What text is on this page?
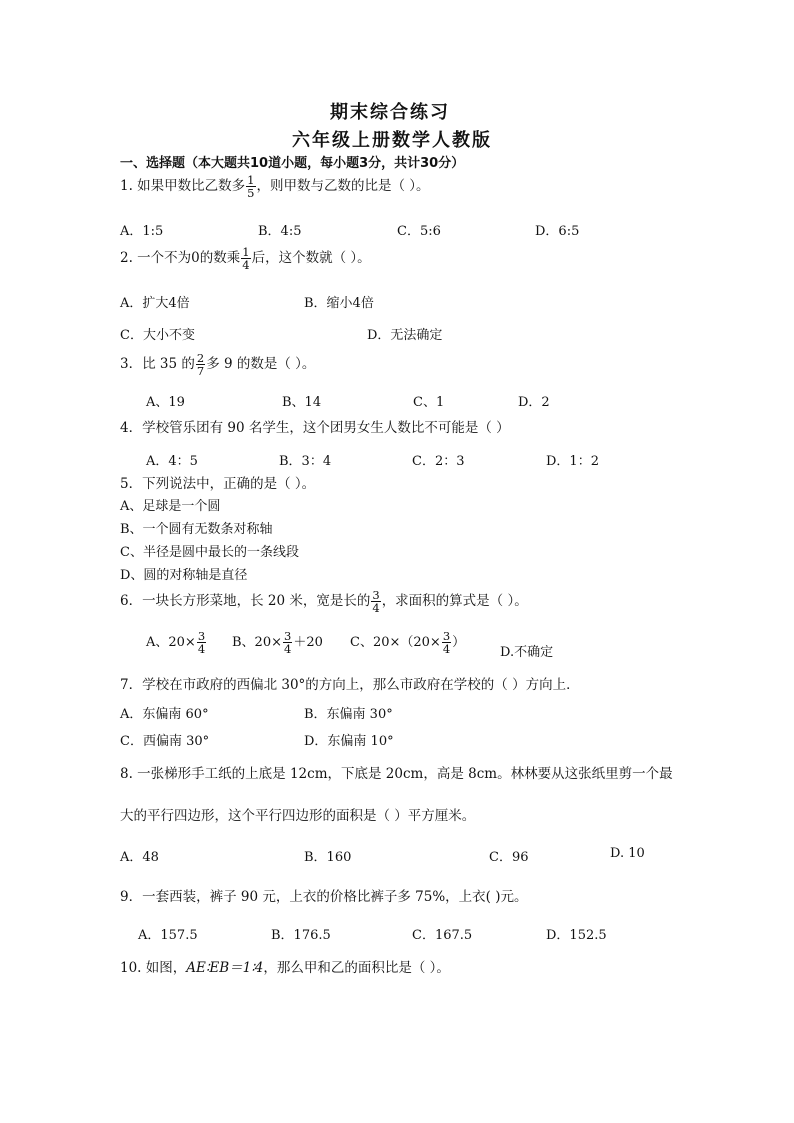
期末综合练习
六年级上册数学人教版
一、选择题（本大题共10道小题，每小题3分，共计30分）
1. 如果甲数比乙数多 $\frac{1}{5}$ ，则甲数与乙数的比是（ ）。
A．1:5	B．4:5	C．5:6	D．6:5
2. 一个不为0的数乘 $\frac{1}{4}$ 后，这个数就（ ）。
A．扩大4倍	B．缩小4倍
C．大小不变	D．无法确定
3．比 35 的 $\frac{2}{7}$ 多 9 的数是（ ）。
A、19	B、14	C、1	D．2
4．学校管乐团有 90 名学生，这个团男女生人数比不可能是（ ）
A．4：5	B．3：4	C．2：3	D．1：2
5．下列说法中，正确的是（ ）。
A、足球是一个圆
B、一个圆有无数条对称轴
C、半径是圆中最长的一条线段
D、圆的对称轴是直径
6．一块长方形菜地，长 20 米，宽是长的 $\frac{3}{4}$ ，求面积的算式是（ ）。
A、$20\times \frac{3}{4}$ B、$20\times \frac{3}{4} +20$ C、$20\times(20\times \frac{3}{4}$ ）
D.不确定
7．学校在市政府的西偏北 30°的方向上，那么市政府在学校的（ ）方向上．
A．东偏南 60°	B．东偏南 30°
C．西偏南 30°	D．东偏南 10°
8. 一张梯形手工纸的上底是 12cm，下底是 20cm，高是 8cm。林林要从这张纸里剪一个最
大的平行四边形，这个平行四边形的面积是（ ）平方厘米。
A．48	B．160	C．96	D. 10
9．一套西装，裤子 90 元，上衣的价格比裤子多 75%，上衣( )元。
A．157.5	B．176.5	C．167.5	D．152.5
10. 如图，AE∶EB＝1∶4，那么甲和乙的面积比是（ ）。
